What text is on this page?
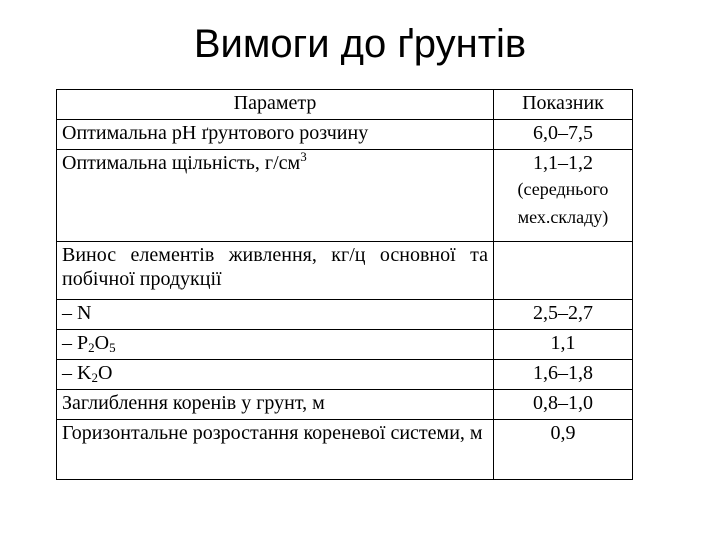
Вимоги до ґрунтів
Параметр	Показник
Оптимальна рН ґрунтового розчину	6,0–7,5
Оптимальна щільність, $г/см^3$	1,1–1,2
(середнього мех.складу)

Винос елементів живлення, кг/ц основної та побічної продукції	
– N	2,5–2,7
– $P_2O_5$	1,1
– $K_2O$	1,6–1,8
Заглиблення коренів у грунт, м	0,8–1,0
Горизонтальне розростання кореневої системи, м	0,9
